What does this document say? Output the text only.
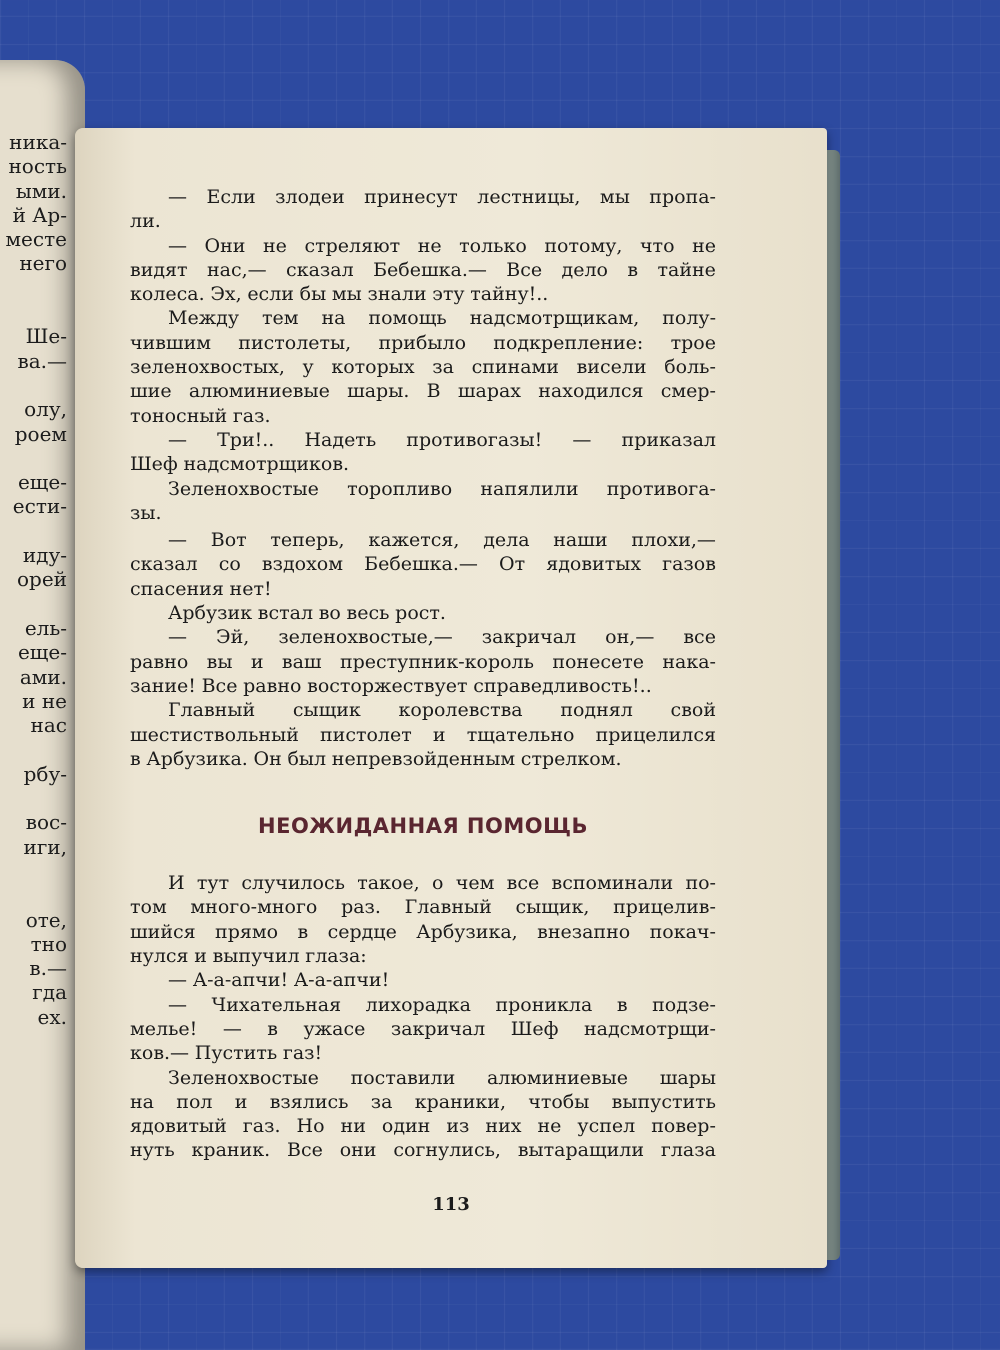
ника-
ность
ыми.
й Ар-
месте
него
Ше-
ва.—
олу,
роем
еще-
ести-
иду-
орей
ель-
еще-
ами.
и не
нас
рбу-
вос-
иги,
оте,
тно
в.—
гда
ех.
— Если злодеи принесут лестницы, мы пропа-
ли.
— Они не стреляют не только потому, что не
видят нас,— сказал Бебешка.— Все дело в тайне
колеса. Эх, если бы мы знали эту тайну!..
Между тем на помощь надсмотрщикам, полу-
чившим пистолеты, прибыло подкрепление: трое
зеленохвостых, у которых за спинами висели боль-
шие алюминиевые шары. В шарах находился смер-
тоносный газ.
— Три!.. Надеть противогазы! — приказал
Шеф надсмотрщиков.
Зеленохвостые торопливо напялили противога-
зы.
— Вот теперь, кажется, дела наши плохи,—
сказал со вздохом Бебешка.— От ядовитых газов
спасения нет!
Арбузик встал во весь рост.
— Эй, зеленохвостые,— закричал он,— все
равно вы и ваш преступник-король понесете нака-
зание! Все равно восторжествует справедливость!..
Главный сыщик королевства поднял свой
шестиствольный пистолет и тщательно прицелился
в Арбузика. Он был непревзойденным стрелком.
НЕОЖИДАННАЯ ПОМОЩЬ
И тут случилось такое, о чем все вспоминали по-
том много-много раз. Главный сыщик, прицелив-
шийся прямо в сердце Арбузика, внезапно покач-
нулся и выпучил глаза:
— А-а-апчи! А-а-апчи!
— Чихательная лихорадка проникла в подзе-
мелье! — в ужасе закричал Шеф надсмотрщи-
ков.— Пустить газ!
Зеленохвостые поставили алюминиевые шары
на пол и взялись за краники, чтобы выпустить
ядовитый газ. Но ни один из них не успел повер-
нуть краник. Все они согнулись, вытаращили глаза
113
